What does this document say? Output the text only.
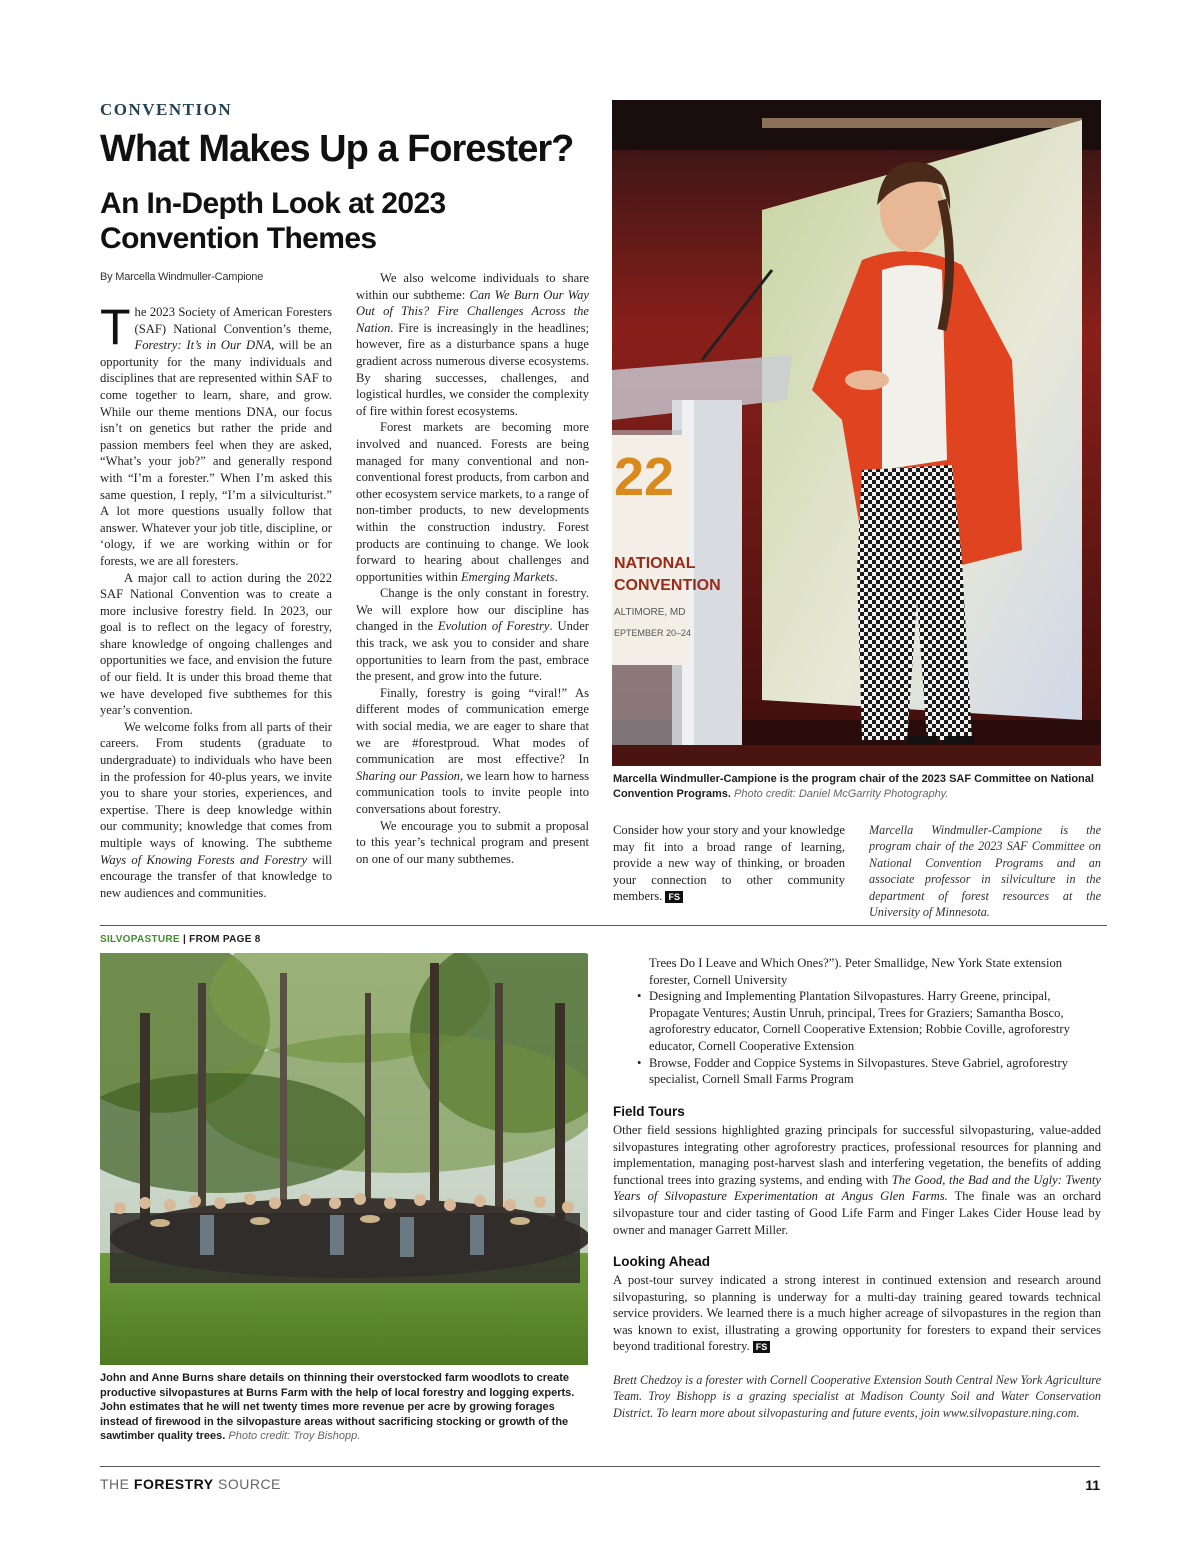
CONVENTION
What Makes Up a Forester?
An In-Depth Look at 2023 Convention Themes
By Marcella Windmuller-Campione

The 2023 Society of American Foresters (SAF) National Convention’s theme, Forestry: It’s in Our DNA, will be an opportunity for the many individuals and disciplines that are represented within SAF to come together to learn, share, and grow. While our theme mentions DNA, our focus isn’t on genetics but rather the pride and passion members feel when they are asked, “What’s your job?” and generally respond with “I’m a forester.” When I’m asked this same question, I reply, “I’m a silviculturist.” A lot more questions usually follow that answer. Whatever your job title, discipline, or ‘ology, if we are working within or for forests, we are all foresters.

A major call to action during the 2022 SAF National Convention was to create a more inclusive forestry field. In 2023, our goal is to reflect on the legacy of forestry, share knowledge of ongoing challenges and opportunities we face, and envision the future of our field. It is under this broad theme that we have developed five subthemes for this year’s convention.

We welcome folks from all parts of their careers. From students (graduate to undergraduate) to individuals who have been in the profession for 40-plus years, we invite you to share your stories, experiences, and expertise. There is deep knowledge within our community; knowledge that comes from multiple ways of knowing. The subtheme Ways of Knowing Forests and Forestry will encourage the transfer of that knowledge to new audiences and communities.

We also welcome individuals to share within our subtheme: Can We Burn Our Way Out of This? Fire Challenges Across the Nation. Fire is increasingly in the headlines; however, fire as a disturbance spans a huge gradient across numerous diverse ecosystems. By sharing successes, challenges, and logistical hurdles, we consider the complexity of fire within forest ecosystems.

Forest markets are becoming more involved and nuanced. Forests are being managed for many conventional and non-conventional forest products, from carbon and other ecosystem service markets, to a range of non-timber products, to new developments within the construction industry. Forest products are continuing to change. We look forward to hearing about challenges and opportunities within Emerging Markets.

Change is the only constant in forestry. We will explore how our discipline has changed in the Evolution of Forestry. Under this track, we ask you to consider and share opportunities to learn from the past, embrace the present, and grow into the future.

Finally, forestry is going “viral!” As different modes of communication emerge with social media, we are eager to share that we are #forestproud. What modes of communication are most effective? In Sharing our Passion, we learn how to harness communication tools to invite people into conversations about forestry.

We encourage you to submit a proposal to this year’s technical program and present on one of our many subthemes.

22
NATIONAL
CONVENTION
ALTIMORE, MD
EPTEMBER 20–24
Marcella Windmuller-Campione is the program chair of the 2023 SAF Committee on National Convention Programs. Photo credit: Daniel McGarrity Photography.
Consider how your story and your knowledge may fit into a broad range of learning, provide a new way of thinking, or broaden your connection to other community members. FS
Marcella Windmuller-Campione is the program chair of the 2023 SAF Committee on National Convention Programs and an associate professor in silviculture in the department of forest resources at the University of Minnesota.
SILVOPASTURE | FROM PAGE 8
John and Anne Burns share details on thinning their overstocked farm woodlots to create productive silvopastures at Burns Farm with the help of local forestry and logging experts. John estimates that he will net twenty times more revenue per acre by growing forages instead of firewood in the silvopasture areas without sacrificing stocking or growth of the sawtimber quality trees. Photo credit: Troy Bishopp.
Trees Do I Leave and Which Ones?”). Peter Smallidge, New York State extension forester, Cornell University
• Designing and Implementing Plantation Silvopastures. Harry Greene, principal, Propagate Ventures; Austin Unruh, principal, Trees for Graziers; Samantha Bosco, agroforestry educator, Cornell Cooperative Extension; Robbie Coville, agroforestry educator, Cornell Cooperative Extension
• Browse, Fodder and Coppice Systems in Silvopastures. Steve Gabriel, agroforestry specialist, Cornell Small Farms Program
Field Tours
Other field sessions highlighted grazing principals for successful silvopasturing, value-added silvopastures integrating other agroforestry practices, professional resources for planning and implementation, managing post-harvest slash and interfering vegetation, the benefits of adding functional trees into grazing systems, and ending with The Good, the Bad and the Ugly: Twenty Years of Silvopasture Experimentation at Angus Glen Farms. The finale was an orchard silvopasture tour and cider tasting of Good Life Farm and Finger Lakes Cider House lead by owner and manager Garrett Miller.
Looking Ahead
A post-tour survey indicated a strong interest in continued extension and research around silvopasturing, so planning is underway for a multi-day training geared towards technical service providers. We learned there is a much higher acreage of silvopastures in the region than was known to exist, illustrating a growing opportunity for foresters to expand their services beyond traditional forestry. FS
Brett Chedzoy is a forester with Cornell Cooperative Extension South Central New York Agriculture Team. Troy Bishopp is a grazing specialist at Madison County Soil and Water Conservation District. To learn more about silvopasturing and future events, join www.silvopasture.ning.com.
THE FORESTRY SOURCE	11
